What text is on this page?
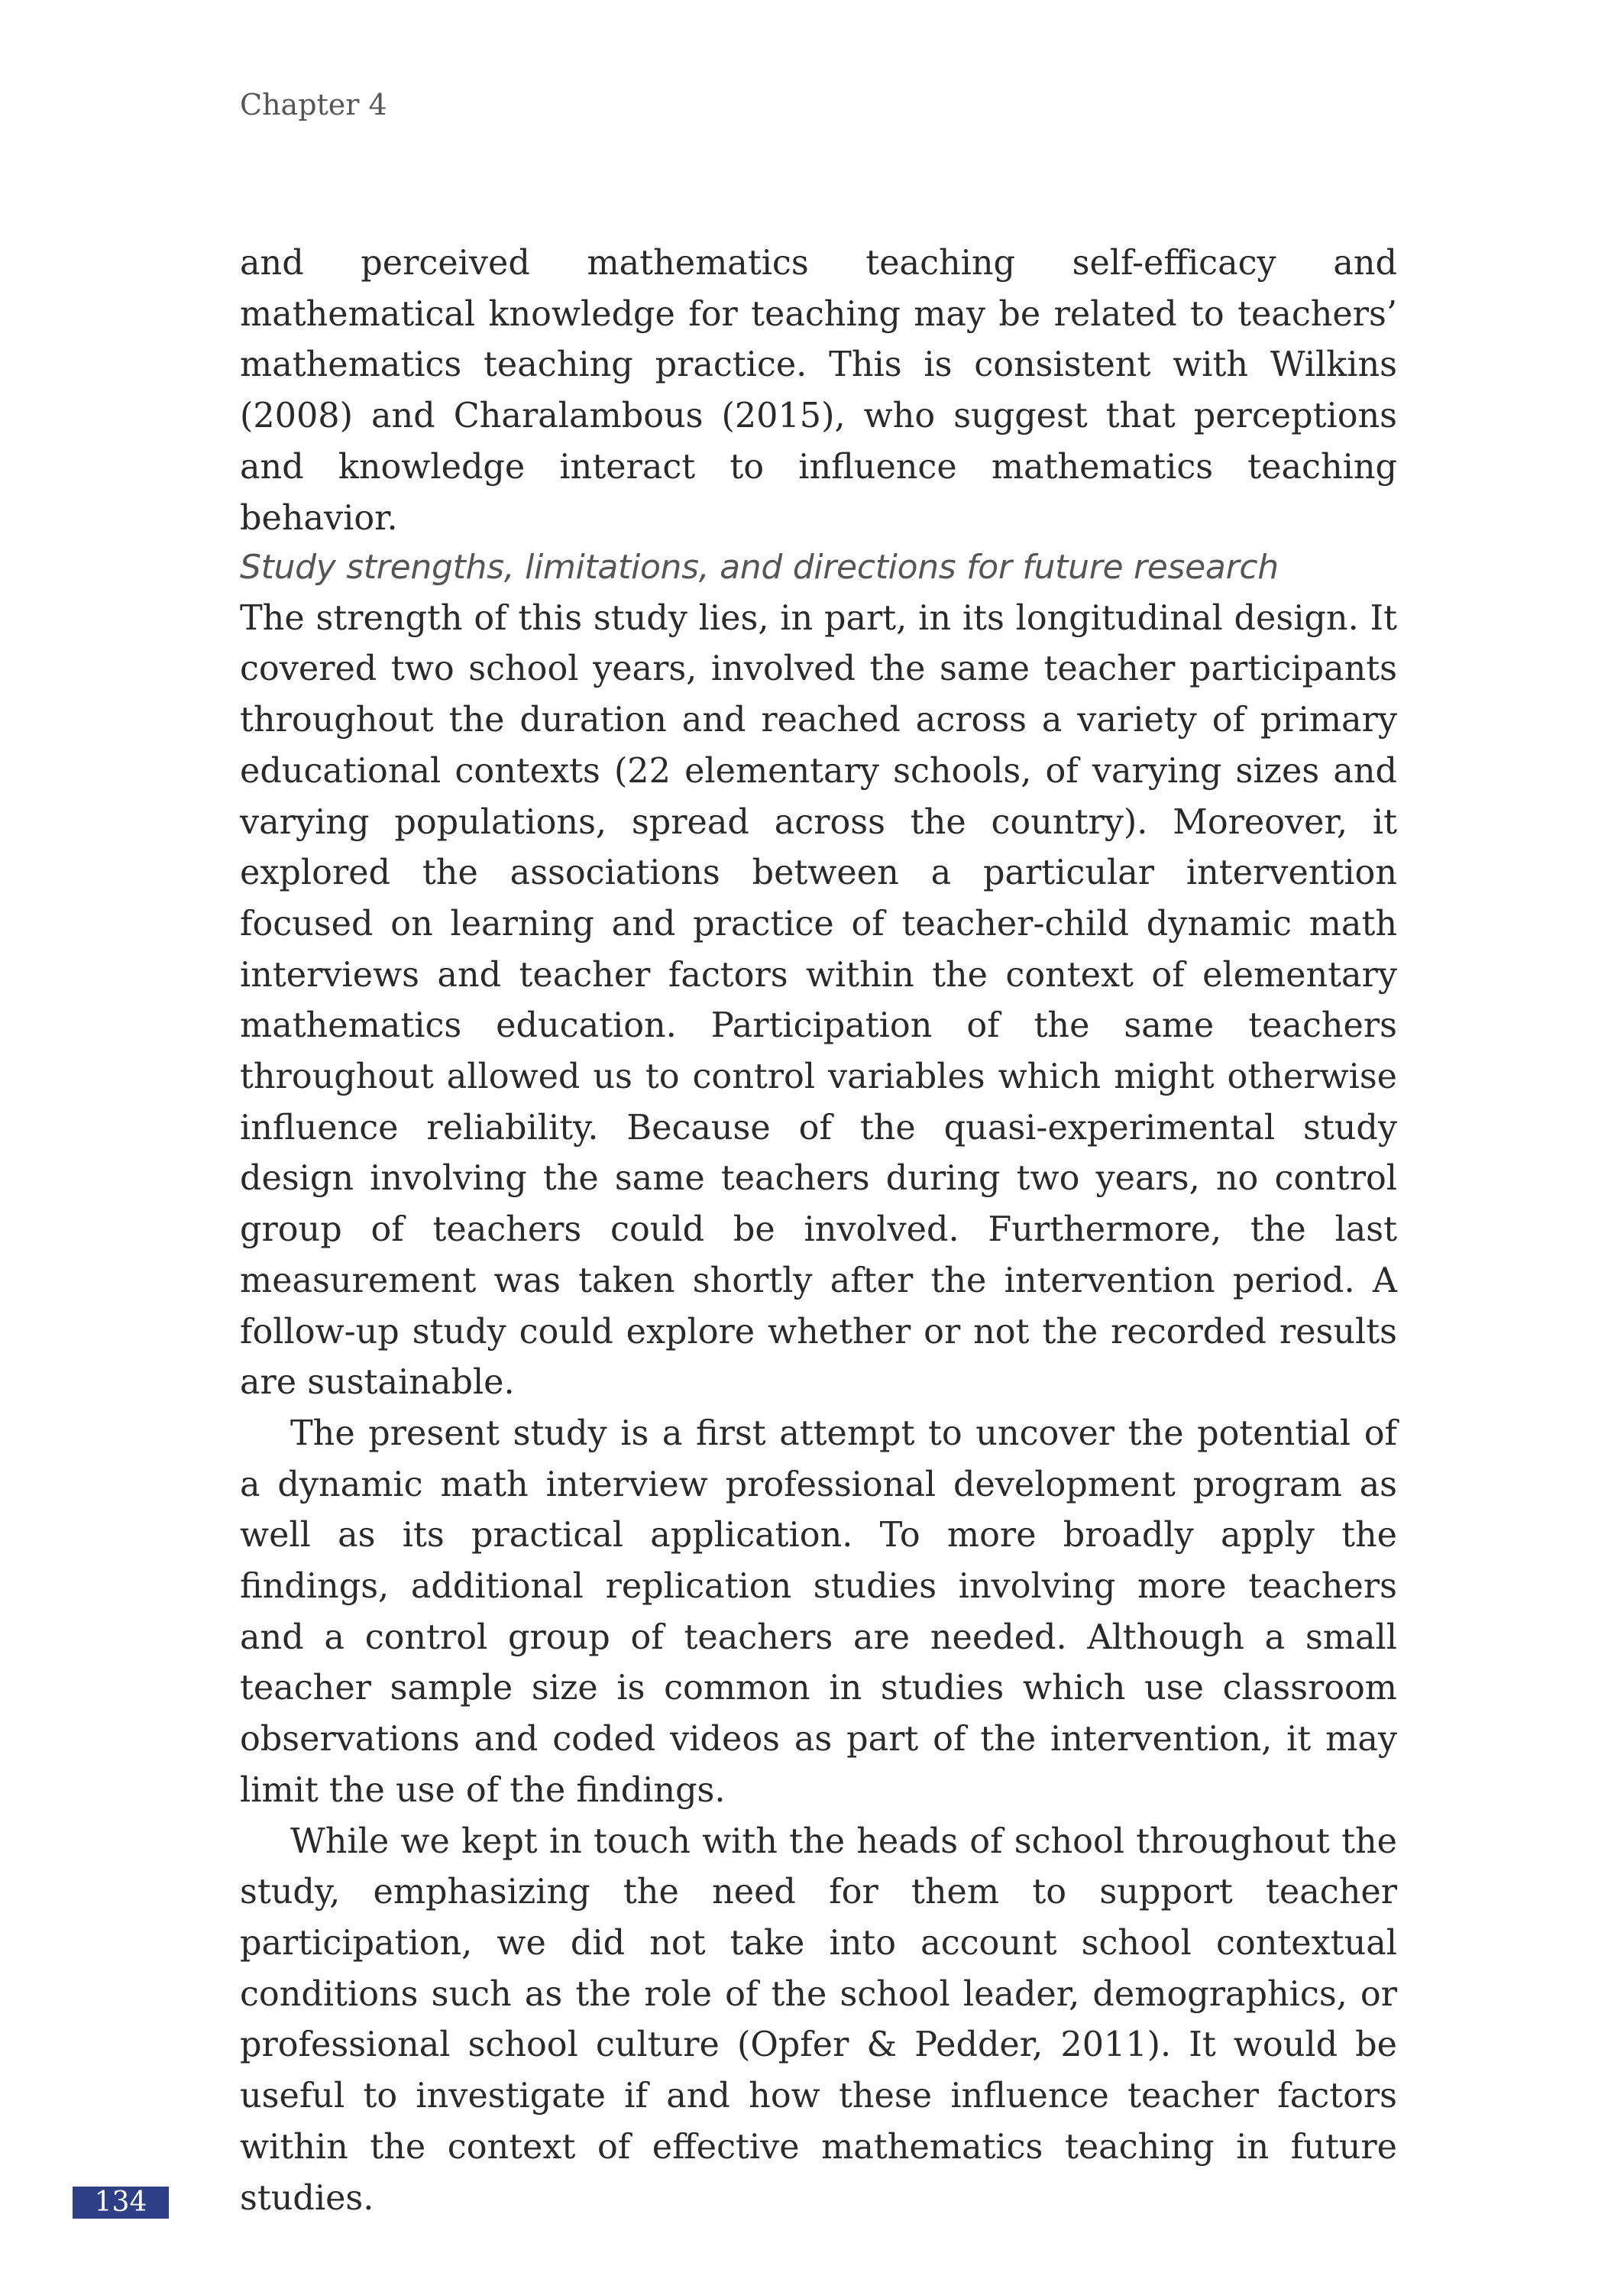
Chapter 4

and perceived mathematics teaching self-efficacy and mathematical knowledge for teaching may be related to teachers’ mathematics teaching practice. This is consistent with Wilkins (2008) and Charalambous (2015), who suggest that perceptions and knowledge interact to influence mathematics teaching behavior.

Study strengths, limitations, and directions for future research

The strength of this study lies, in part, in its longitudinal design. It covered two school years, involved the same teacher participants throughout the duration and reached across a variety of primary educational contexts (22 elementary schools, of varying sizes and varying populations, spread across the country). Moreover, it explored the associations between a particular intervention focused on learning and practice of teacher-child dynamic math interviews and teacher factors within the context of elementary mathematics education. Participation of the same teachers throughout allowed us to control variables which might otherwise influence reliability. Because of the quasi-experimental study design involving the same teachers during two years, no control group of teachers could be involved. Furthermore, the last measurement was taken shortly after the intervention period. A follow-up study could explore whether or not the recorded results are sustainable.

The present study is a first attempt to uncover the potential of a dynamic math interview professional development program as well as its practical application. To more broadly apply the findings, additional replication studies involving more teachers and a control group of teachers are needed. Although a small teacher sample size is common in studies which use classroom observations and coded videos as part of the intervention, it may limit the use of the findings.

While we kept in touch with the heads of school throughout the study, emphasizing the need for them to support teacher participation, we did not take into account school contextual conditions such as the role of the school leader, demographics, or professional school culture (Opfer & Pedder, 2011). It would be useful to investigate if and how these influence teacher factors within the context of effective mathematics teaching in future studies.

134
